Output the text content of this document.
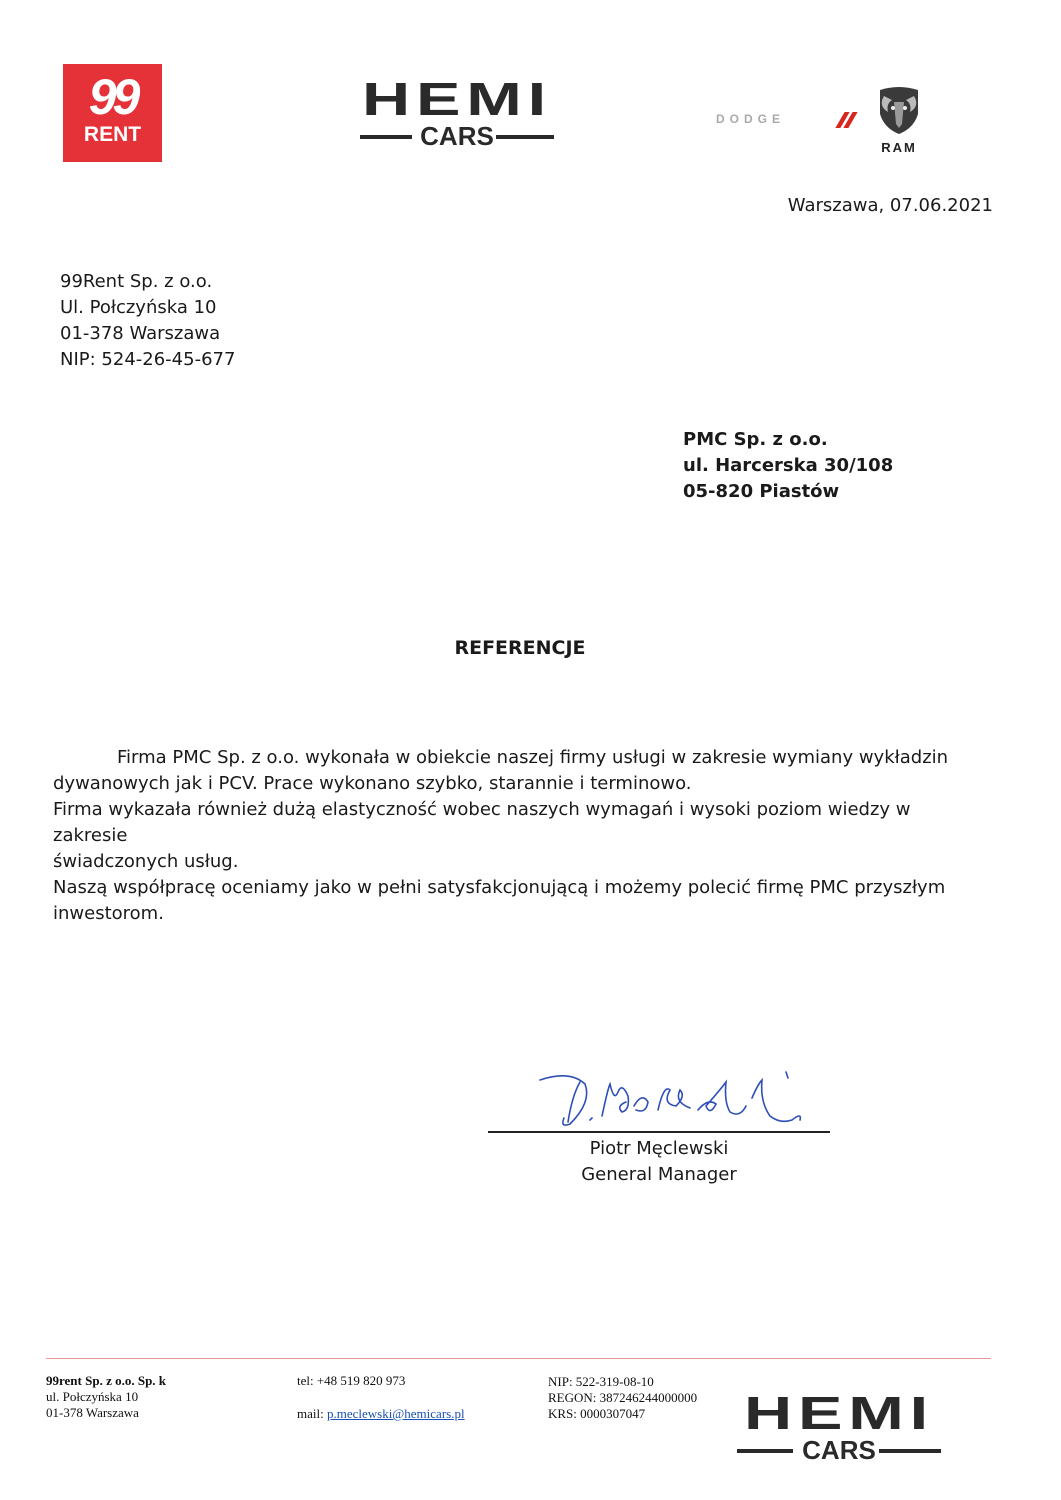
99
RENT
HEMI
CARS
DODGE
RAM
Warszawa, 07.06.2021
99Rent Sp. z o.o.
Ul. Połczyńska 10
01-378 Warszawa
NIP: 524-26-45-677
PMC Sp. z o.o.
ul. Harcerska 30/108
05-820 Piastów
REFERENCJE

Firma PMC Sp. z o.o. wykonała w obiekcie naszej firmy usługi w zakresie wymiany wykładzin

dywanowych jak i PCV. Prace wykonano szybko, starannie i terminowo.

Firma wykazała również dużą elastyczność wobec naszych wymagań i wysoki poziom wiedzy w zakresie

świadczonych usług.

Naszą współpracę oceniamy jako w pełni satysfakcjonującą i możemy polecić firmę PMC przyszłym

inwestorom.

Piotr Męclewski
General Manager
99rent Sp. z o.o. Sp. k
ul. Połczyńska 10
01-378 Warszawa
tel: +48 519 820 973
mail: p.meclewski@hemicars.pl
NIP: 522-319-08-10
REGON: 387246244000000
KRS: 0000307047	HEMI
CARS
